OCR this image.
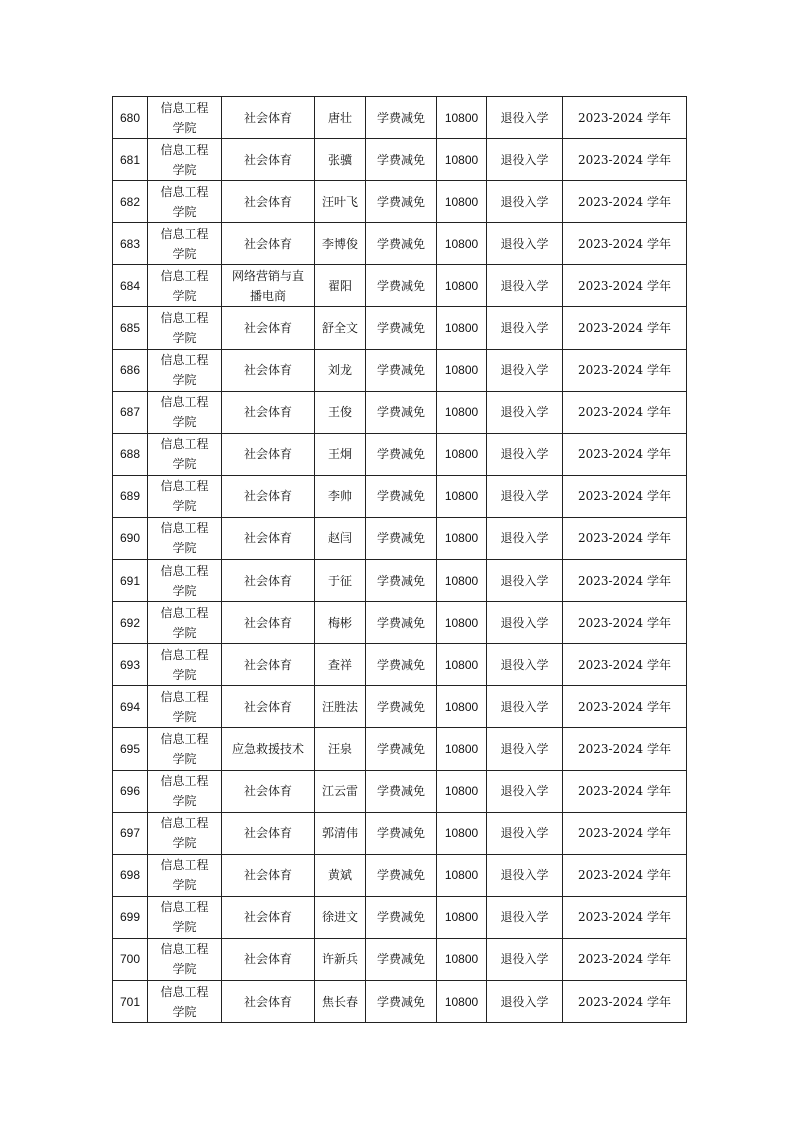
680	信息工程学院	社会体育	唐壮	学费减免	10800	退役入学	2023-2024 学年
681	信息工程学院	社会体育	张骥	学费减免	10800	退役入学	2023-2024 学年
682	信息工程学院	社会体育	汪叶飞	学费减免	10800	退役入学	2023-2024 学年
683	信息工程学院	社会体育	李博俊	学费减免	10800	退役入学	2023-2024 学年
684	信息工程学院	网络营销与直播电商	翟阳	学费减免	10800	退役入学	2023-2024 学年
685	信息工程学院	社会体育	舒全文	学费减免	10800	退役入学	2023-2024 学年
686	信息工程学院	社会体育	刘龙	学费减免	10800	退役入学	2023-2024 学年
687	信息工程学院	社会体育	王俊	学费减免	10800	退役入学	2023-2024 学年
688	信息工程学院	社会体育	王炯	学费减免	10800	退役入学	2023-2024 学年
689	信息工程学院	社会体育	李帅	学费减免	10800	退役入学	2023-2024 学年
690	信息工程学院	社会体育	赵闫	学费减免	10800	退役入学	2023-2024 学年
691	信息工程学院	社会体育	于征	学费减免	10800	退役入学	2023-2024 学年
692	信息工程学院	社会体育	梅彬	学费减免	10800	退役入学	2023-2024 学年
693	信息工程学院	社会体育	查祥	学费减免	10800	退役入学	2023-2024 学年
694	信息工程学院	社会体育	汪胜法	学费减免	10800	退役入学	2023-2024 学年
695	信息工程学院	应急救援技术	汪泉	学费减免	10800	退役入学	2023-2024 学年
696	信息工程学院	社会体育	江云雷	学费减免	10800	退役入学	2023-2024 学年
697	信息工程学院	社会体育	郭清伟	学费减免	10800	退役入学	2023-2024 学年
698	信息工程学院	社会体育	黄斌	学费减免	10800	退役入学	2023-2024 学年
699	信息工程学院	社会体育	徐进文	学费减免	10800	退役入学	2023-2024 学年
700	信息工程学院	社会体育	许新兵	学费减免	10800	退役入学	2023-2024 学年
701	信息工程学院	社会体育	焦长春	学费减免	10800	退役入学	2023-2024 学年
